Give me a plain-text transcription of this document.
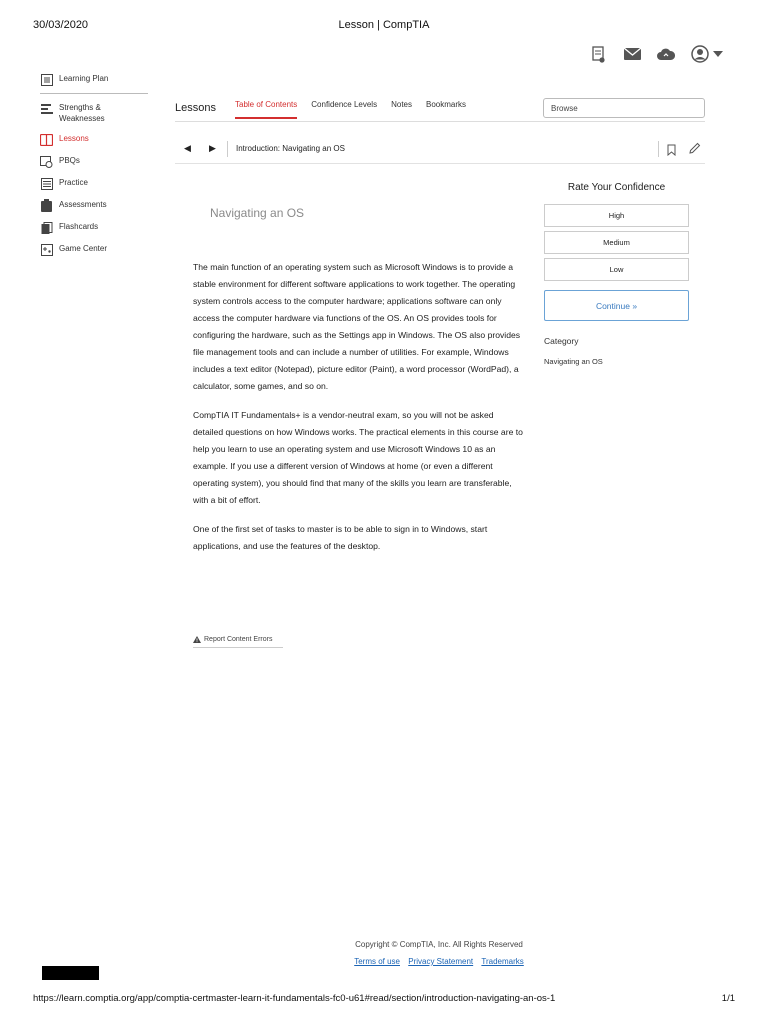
30/03/2020	Lesson | CompTIA
Learning Plan
Strengths & Weaknesses
Lessons
PBQs
Practice
Assessments
Flashcards
Game Center
Lessons Table of Contents Confidence Levels Notes Bookmarks	Browse
◀ ▶	Introduction: Navigating an OS
Navigating an OS

The main function of an operating system such as Microsoft Windows is to provide a stable environment for different software applications to work together. The operating system controls access to the computer hardware; applications software can only access the computer hardware via functions of the OS. An OS provides tools for configuring the hardware, such as the Settings app in Windows. The OS also provides file management tools and can include a number of utilities. For example, Windows includes a text editor (Notepad), picture editor (Paint), a word processor (WordPad), a calculator, some games, and so on.

CompTIA IT Fundamentals+ is a vendor-neutral exam, so you will not be asked detailed questions on how Windows works. The practical elements in this course are to help you learn to use an operating system and use Microsoft Windows 10 as an example. If you use a different version of Windows at home (or even a different operating system), you should find that many of the skills you learn are transferable, with a bit of effort.

One of the first set of tasks to master is to be able to sign in to Windows, start applications, and use the features of the desktop.

Report Content Errors
Rate Your Confidence
High
Medium
Low
Continue »
Category
Navigating an OS
Copyright © CompTIA, Inc. All Rights Reserved
Terms of use Privacy Statement Trademarks
https://learn.comptia.org/app/comptia-certmaster-learn-it-fundamentals-fc0-u61#read/section/introduction-navigating-an-os-1	1/1
